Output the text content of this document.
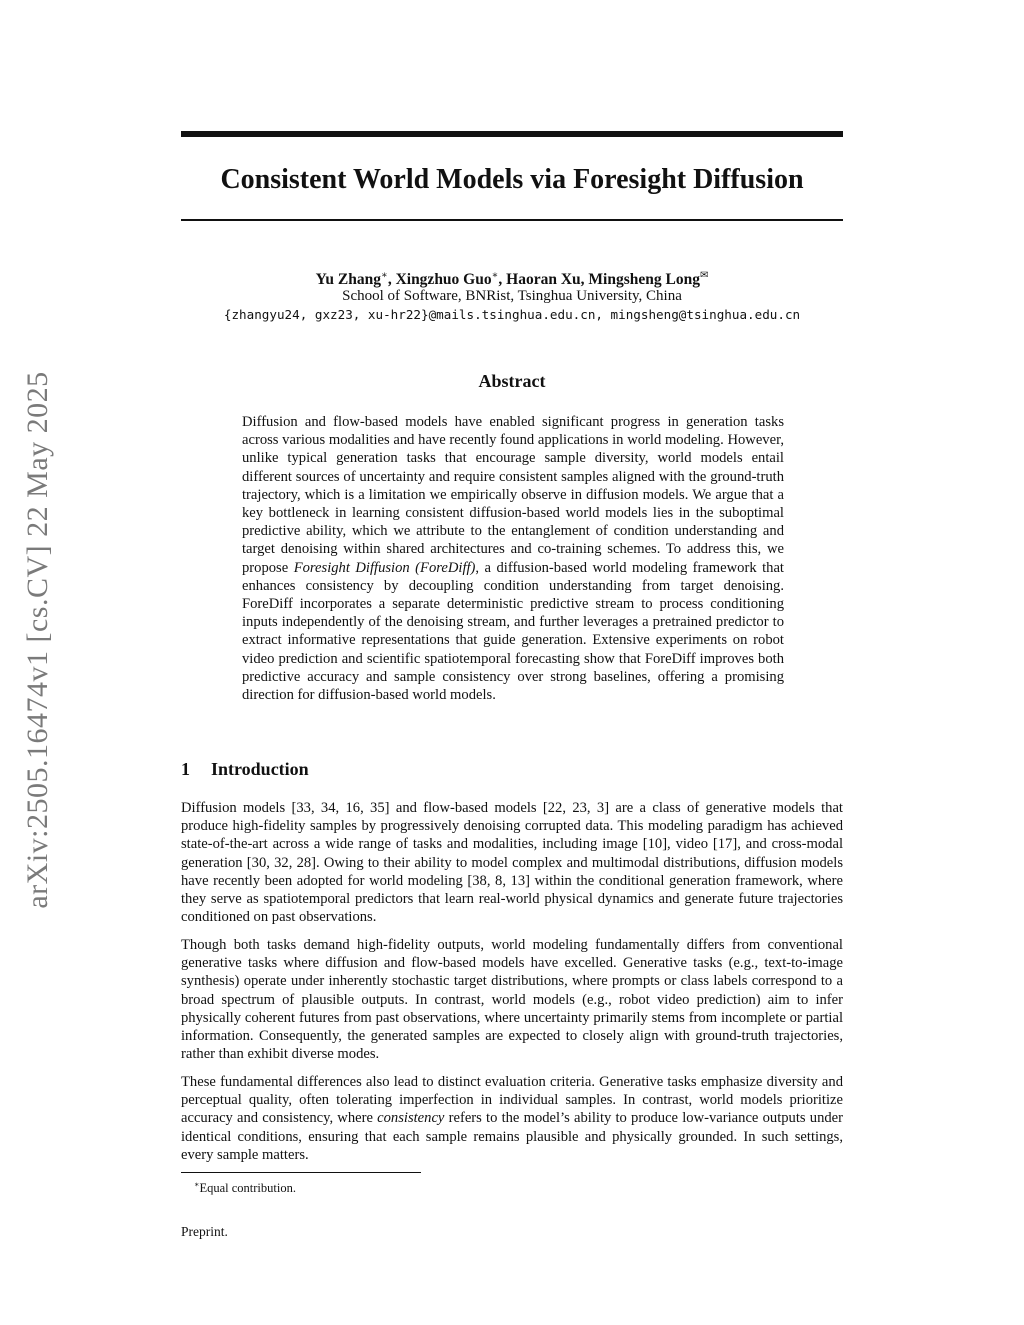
arXiv:2505.16474v1 [cs.CV] 22 May 2025
Consistent World Models via Foresight Diffusion
Yu Zhang∗, Xingzhuo Guo∗, Haoran Xu, Mingsheng Long✉
School of Software, BNRist, Tsinghua University, China
{zhangyu24, gxz23, xu-hr22}@mails.tsinghua.edu.cn, mingsheng@tsinghua.edu.cn
Abstract

Diffusion and flow-based models have enabled significant progress in generation tasks across various modalities and have recently found applications in world modeling. However, unlike typical generation tasks that encourage sample diversity, world models entail different sources of uncertainty and require consistent samples aligned with the ground-truth trajectory, which is a limitation we empirically observe in diffusion models. We argue that a key bottleneck in learning consistent diffusion-based world models lies in the suboptimal predictive ability, which we attribute to the entanglement of condition understanding and target denoising within shared architectures and co-training schemes. To address this, we propose Foresight Diffusion (ForeDiff), a diffusion-based world modeling framework that enhances consistency by decoupling condition understanding from target denoising. ForeDiff incorporates a separate deterministic predictive stream to process conditioning inputs independently of the denoising stream, and further leverages a pretrained predictor to extract informative representations that guide generation. Extensive experiments on robot video prediction and scientific spatiotemporal forecasting show that ForeDiff improves both predictive accuracy and sample consistency over strong baselines, offering a promising direction for diffusion-based world models.

1 Introduction

Diffusion models [33, 34, 16, 35] and flow-based models [22, 23, 3] are a class of generative models that produce high-fidelity samples by progressively denoising corrupted data. This modeling paradigm has achieved state-of-the-art across a wide range of tasks and modalities, including image [10], video [17], and cross-modal generation [30, 32, 28]. Owing to their ability to model complex and multimodal distributions, diffusion models have recently been adopted for world modeling [38, 8, 13] within the conditional generation framework, where they serve as spatiotemporal predictors that learn real-world physical dynamics and generate future trajectories conditioned on past observations.

Though both tasks demand high-fidelity outputs, world modeling fundamentally differs from conventional generative tasks where diffusion and flow-based models have excelled. Generative tasks (e.g., text-to-image synthesis) operate under inherently stochastic target distributions, where prompts or class labels correspond to a broad spectrum of plausible outputs. In contrast, world models (e.g., robot video prediction) aim to infer physically coherent futures from past observations, where uncertainty primarily stems from incomplete or partial information. Consequently, the generated samples are expected to closely align with ground-truth trajectories, rather than exhibit diverse modes.

These fundamental differences also lead to distinct evaluation criteria. Generative tasks emphasize diversity and perceptual quality, often tolerating imperfection in individual samples. In contrast, world models prioritize accuracy and consistency, where consistency refers to the model’s ability to produce low-variance outputs under identical conditions, ensuring that each sample remains plausible and physically grounded. In such settings, every sample matters.

∗Equal contribution.
Preprint.
